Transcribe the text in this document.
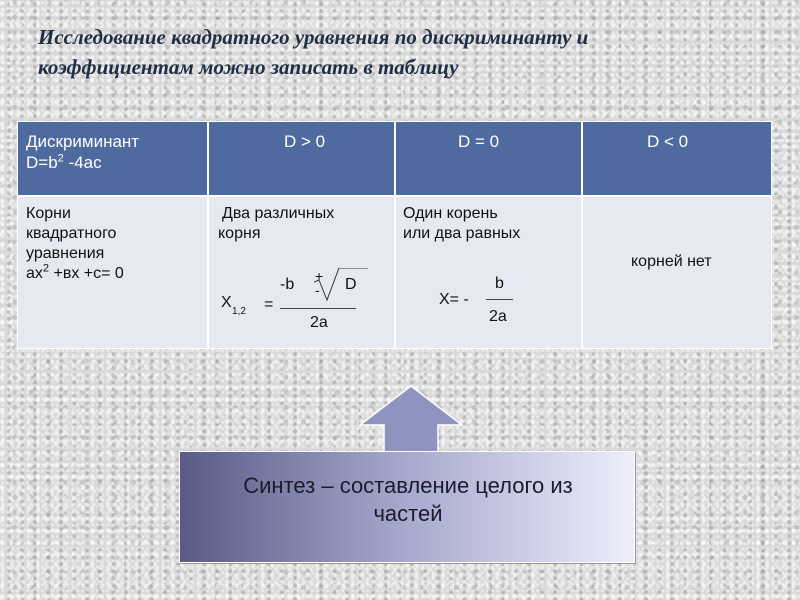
Исследование квадратного уравнения по дискриминанту и
коэффициентам можно записать в таблицу
Дискриминант
$D=b^2$ -4ac
D > 0	D = 0	D < 0
Корни
квадратного
уравнения
$ax^2 +вx +c= 0$
Два различных
корня
X
1,2 =
-b +
- D
2a
Один корень
или два равных
X= -
b
2a
корней нет
Синтез – составление целого из
частей
